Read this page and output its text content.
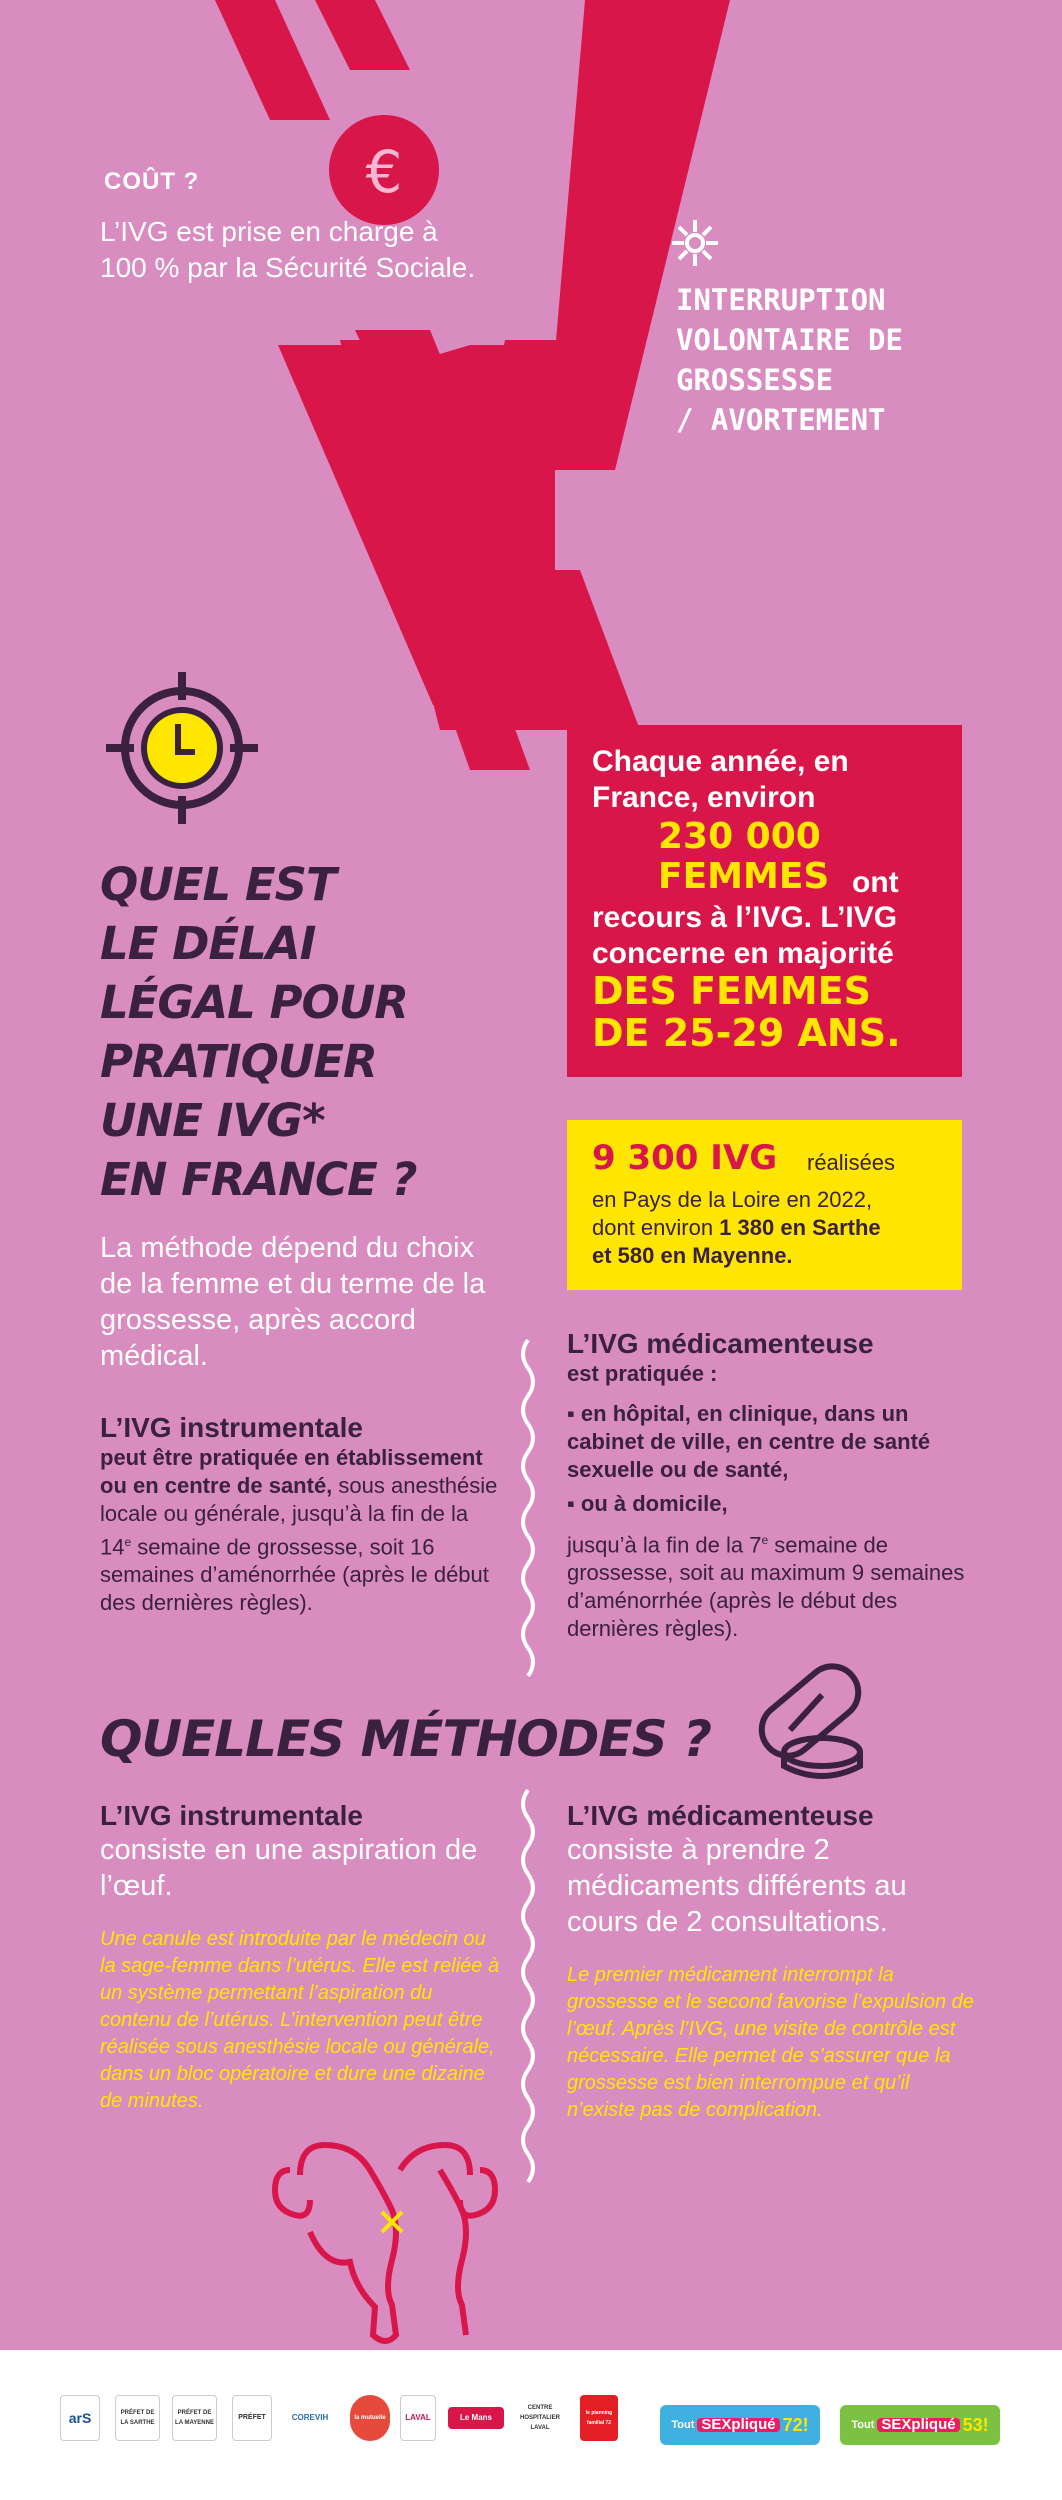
€
COÛT ?
L’IVG est prise en charge à 100 % par la Sécurité Sociale.
INTERRUPTION
VOLONTAIRE DE
GROSSESSE
/ AVORTEMENT
Chaque année, en France, environ
230 000
FEMMES ont
recours à l’IVG. L’IVG concerne en majorité
DES FEMMES
DE 25-29 ANS.
9 300 IVG réalisées
en Pays de la Loire en 2022,
dont environ 1 380 en Sarthe
et 580 en Mayenne.
QUEL EST
LE DÉLAI
LÉGAL POUR
PRATIQUER
UNE IVG*
EN FRANCE ?
La méthode dépend du choix de la femme et du terme de la grossesse, après accord médical.
L’IVG instrumentale
peut être pratiquée en établissement ou en centre de santé, sous anesthésie locale ou générale, jusqu’à la fin de la 14e semaine de grossesse, soit 16 semaines d’aménorrhée (après le début des dernières règles).
L’IVG médicamenteuse
est pratiquée :
▪ en hôpital, en clinique, dans un cabinet de ville, en centre de santé sexuelle ou de santé,
▪ ou à domicile,
jusqu’à la fin de la 7e semaine de grossesse, soit au maximum 9 semaines d’aménorrhée (après le début des dernières règles).
QUELLES MÉTHODES ?
L’IVG instrumentale
consiste en une aspiration de l’œuf.
Une canule est introduite par le médecin ou la sage-femme dans l’utérus. Elle est reliée à un système permettant l’aspiration du contenu de l’utérus. L’intervention peut être réalisée sous anesthésie locale ou générale, dans un bloc opératoire et dure une dizaine de minutes.
L’IVG médicamenteuse
consiste à prendre 2 médicaments différents au cours de 2 consultations.
Le premier médicament interrompt la grossesse et le second favorise l’expulsion de l’œuf. Après l’IVG, une visite de contrôle est nécessaire. Elle permet de s’assurer que la grossesse est bien interrompue et qu’il n’existe pas de complication.
arS	PRÉFET DE LA SARTHE
PRÉFET DE LA MAYENNE
PRÉFET	COREVIH	la mutuelle	LAVAL	Le Mans
CENTRE HOSPITALIER LAVAL
le planning familial 72	Tout SEXpliqué 72!	Tout SEXpliqué 53!
